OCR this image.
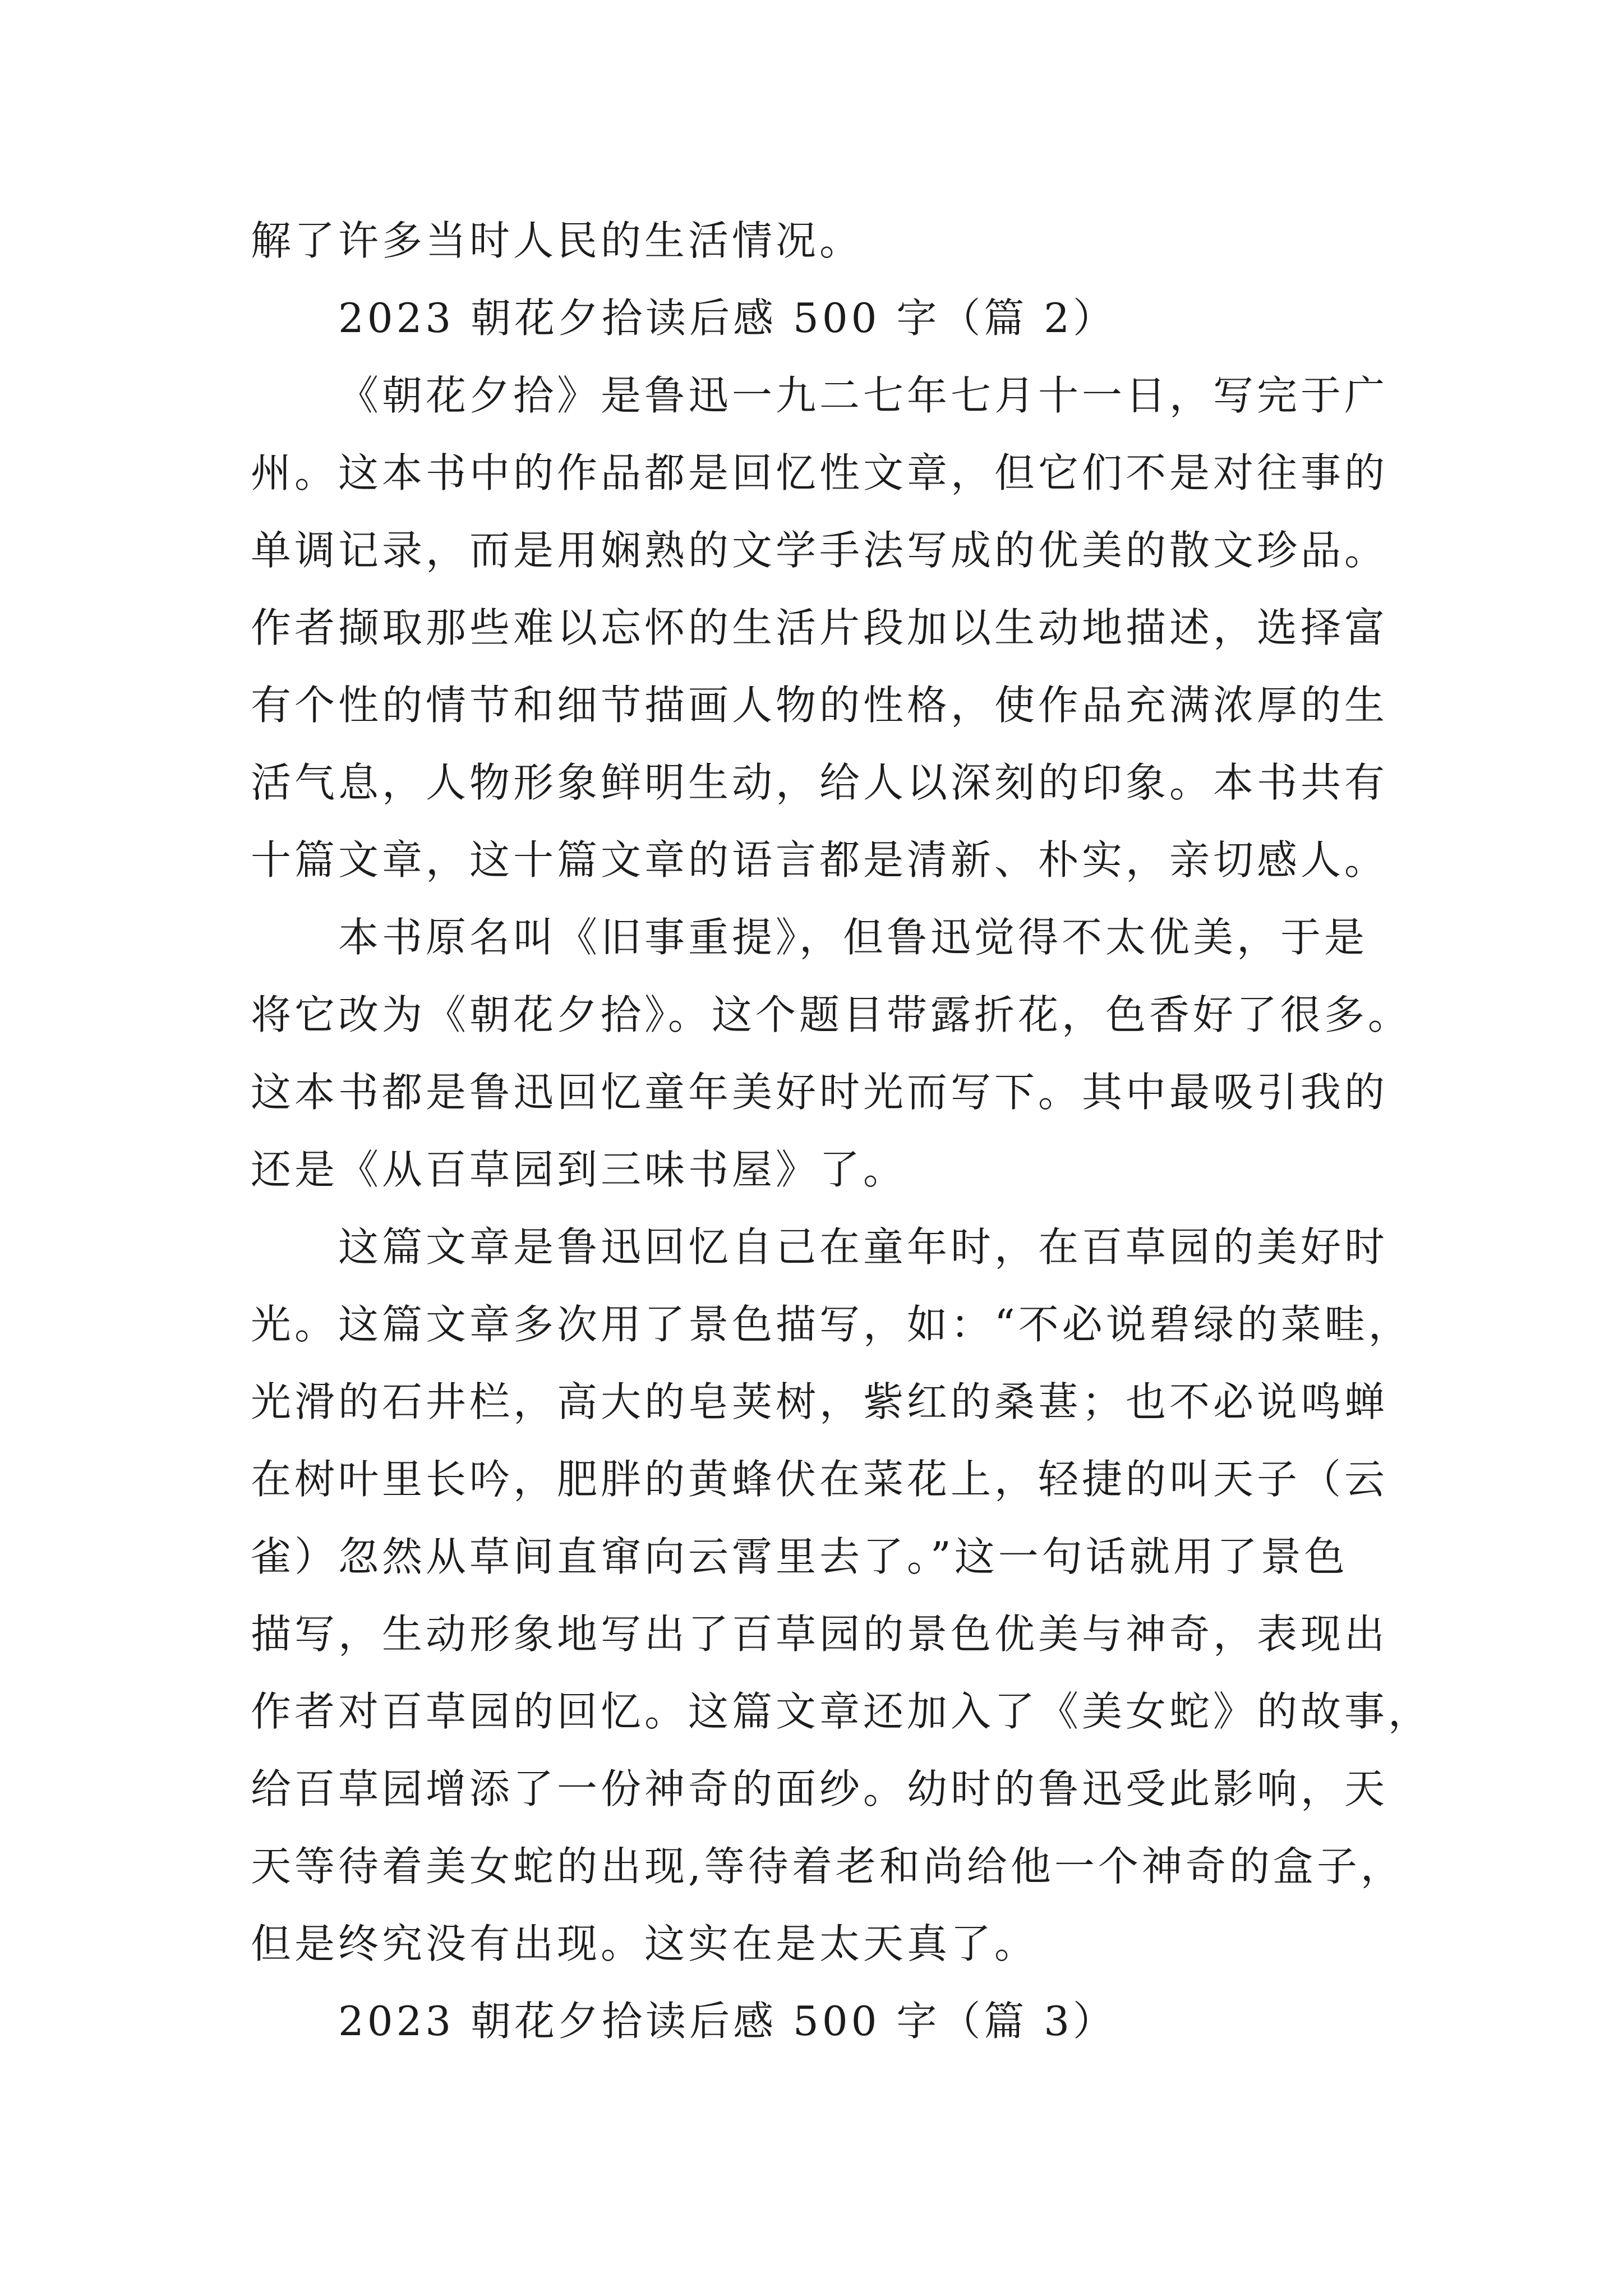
解了许多当时人民的生活情况。
2023 朝花夕拾读后感 500 字（篇 2）
《朝花夕拾》是鲁迅一九二七年七月十一日，写完于广
州。这本书中的作品都是回忆性文章，但它们不是对往事的
单调记录，而是用娴熟的文学手法写成的优美的散文珍品。
作者撷取那些难以忘怀的生活片段加以生动地描述，选择富
有个性的情节和细节描画人物的性格，使作品充满浓厚的生
活气息，人物形象鲜明生动，给人以深刻的印象。本书共有
十篇文章，这十篇文章的语言都是清新、朴实，亲切感人。
本书原名叫《旧事重提》，但鲁迅觉得不太优美，于是
将它改为《朝花夕拾》。这个题目带露折花，色香好了很多。
这本书都是鲁迅回忆童年美好时光而写下。其中最吸引我的
还是《从百草园到三味书屋》了。
这篇文章是鲁迅回忆自己在童年时，在百草园的美好时
光。这篇文章多次用了景色描写，如：“不必说碧绿的菜畦，
光滑的石井栏，高大的皂荚树，紫红的桑葚；也不必说鸣蝉
在树叶里长吟，肥胖的黄蜂伏在菜花上，轻捷的叫天子（云
雀）忽然从草间直窜向云霄里去了。”这一句话就用了景色
描写，生动形象地写出了百草园的景色优美与神奇，表现出
作者对百草园的回忆。这篇文章还加入了《美女蛇》的故事，
给百草园增添了一份神奇的面纱。幼时的鲁迅受此影响，天
天等待着美女蛇的出现,等待着老和尚给他一个神奇的盒子，
但是终究没有出现。这实在是太天真了。
2023 朝花夕拾读后感 500 字（篇 3）
